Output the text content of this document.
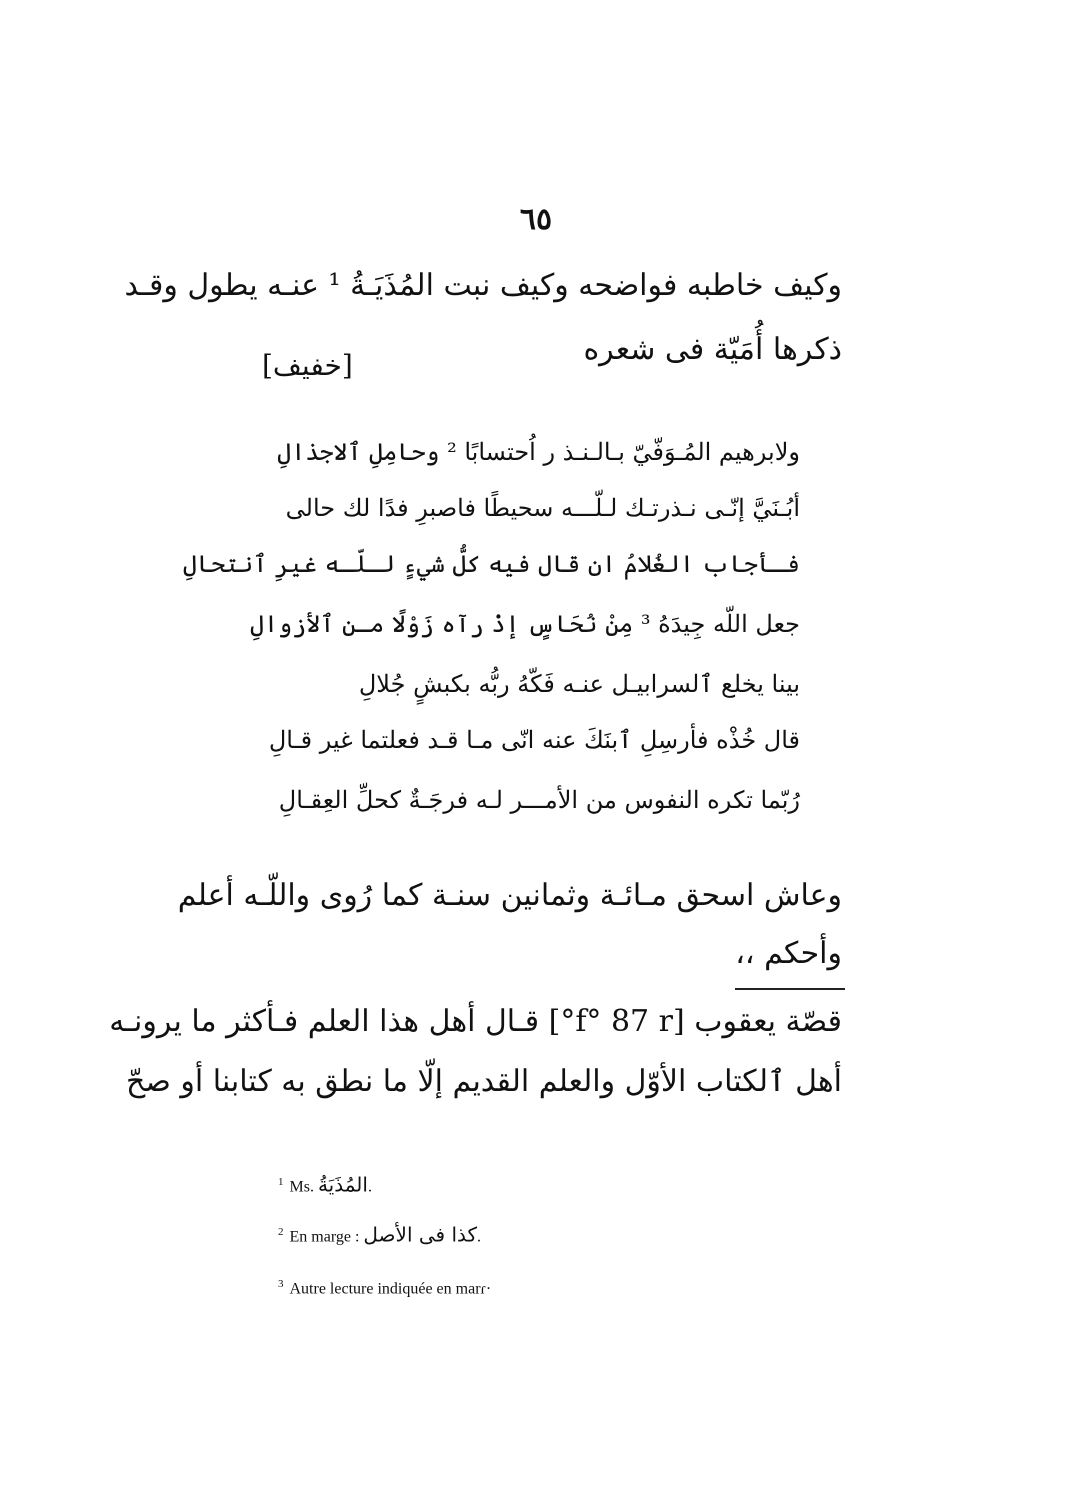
٦٥
وكيف خاطبه فواضحه وكيف نبت المُذَيَـةُ ¹ عنـه يطول وقـد
ذكرها أُمَيّة فى شعره
[خفيف]
ولابرهيم المُـوَفّيّ بـالـنـذ ر اُحتسابًا ² وحامِلِ ٱلاجذالِ
أبُـنَيَّ إنّـى نـذرتـك لـلّـــه سحيطًا فاصبرِ فدًا لك حالى
فـأجاب الغُلامُ ان قال فيه كلُّ شيءٍ لـلّـه غيرِ ٱنتحالِ
جعل اللّه جِيدَهُ ³ مِنْ نُحَاسٍ إذْ رآه زَوْلًا مـن ٱلأزوالِ
بينا يخلع ٱلسرابيـل عنـه فَكّهُ ربُّه بكبشٍ جُلالِ
قال خُذْه فأرسِلِ ٱبنَكَ عنه انّى مـا قـد فعلتما غير قـالِ
رُبّما تكره النفوس من الأمـــر لـه فرجَـةٌ كحلِّ العِقـالِ
وعاش اسحق مـائـة وثمانين سنـة كما رُوى واللّـه أعلم
وأحكم ،،
قصّة يعقوب [f° 87 r°] قـال أهل هذا العلم فـأكثر ما يرونـه
أهل ٱلكتاب الأوّل والعلم القديم إلّا ما نطق به كتابنا أو صحّ
$^1$ Ms. المُذَيَةُ.
$^2$ En marge : كذا فى الأصل.
$^3$ Autre lecture indiquée en marɾ·
